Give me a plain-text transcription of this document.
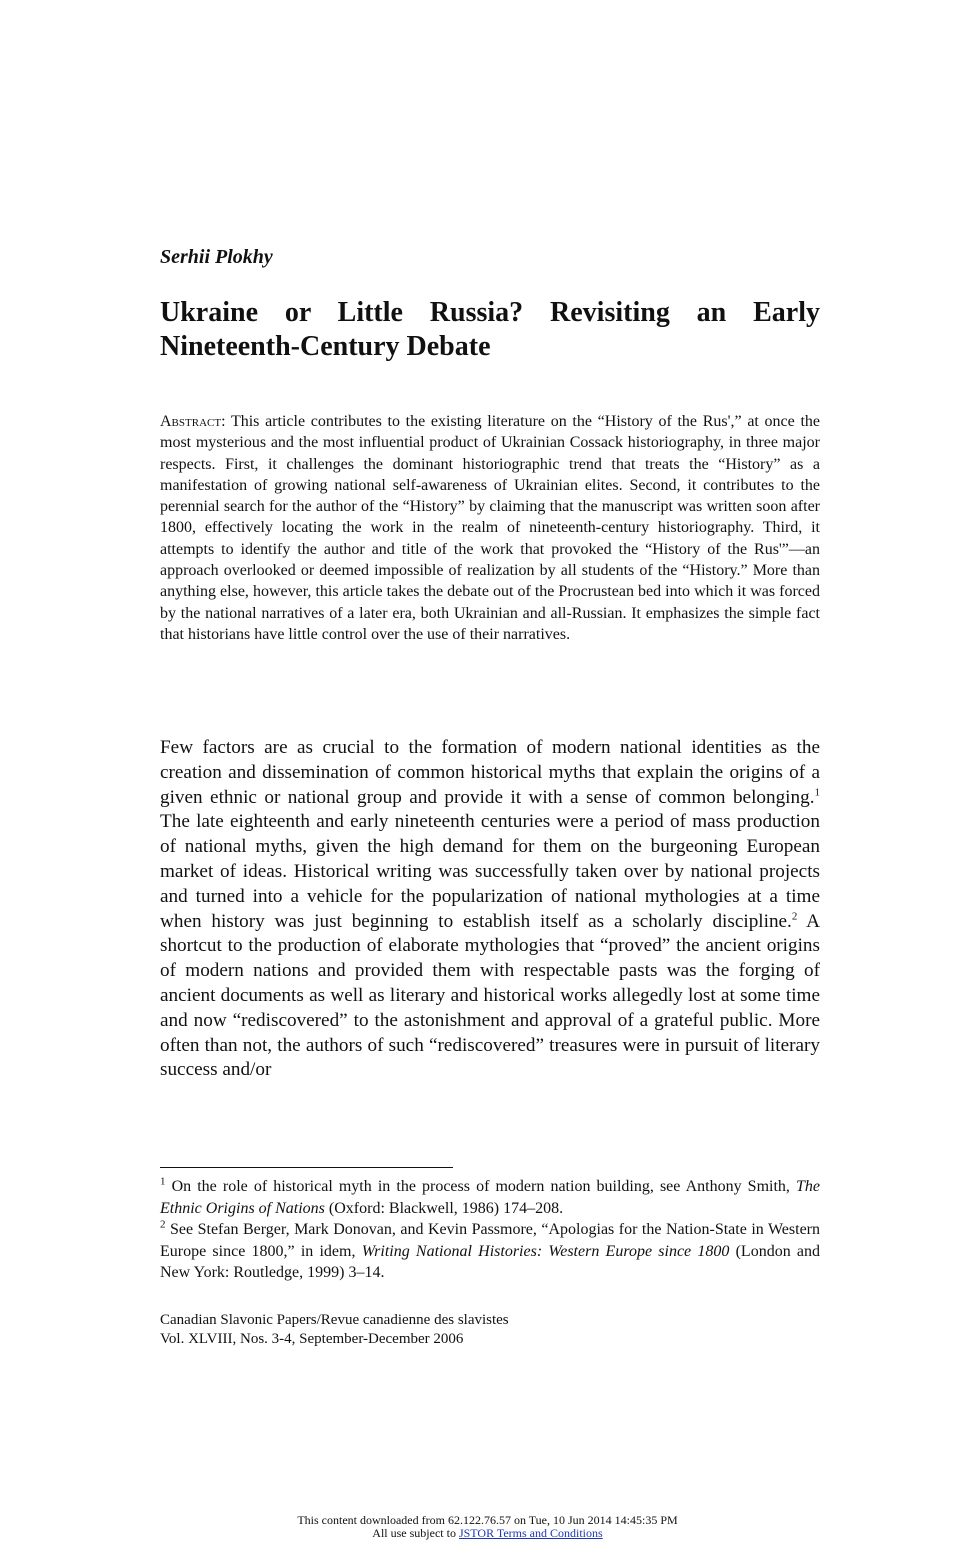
Serhii Plokhy
Ukraine or Little Russia? Revisiting an Early
Nineteenth-Century Debate
Abstract: This article contributes to the existing literature on the “History of the Rus',” at once the most mysterious and the most influential product of Ukrainian Cossack historiography, in three major respects. First, it challenges the dominant historiographic trend that treats the “History” as a manifestation of growing national self-awareness of Ukrainian elites. Second, it contributes to the perennial search for the author of the “History” by claiming that the manuscript was written soon after 1800, effectively locating the work in the realm of nineteenth-century historiography. Third, it attempts to identify the author and title of the work that provoked the “History of the Rus'”—an approach overlooked or deemed impossible of realization by all students of the “History.” More than anything else, however, this article takes the debate out of the Procrustean bed into which it was forced by the national narratives of a later era, both Ukrainian and all-Russian. It emphasizes the simple fact that historians have little control over the use of their narratives.
Few factors are as crucial to the formation of modern national identities as the creation and dissemination of common historical myths that explain the origins of a given ethnic or national group and provide it with a sense of common belonging.$^1$ The late eighteenth and early nineteenth centuries were a period of mass production of national myths, given the high demand for them on the burgeoning European market of ideas. Historical writing was successfully taken over by national projects and turned into a vehicle for the popularization of national mythologies at a time when history was just beginning to establish itself as a scholarly discipline.$^2$ A shortcut to the production of elaborate mythologies that “proved” the ancient origins of modern nations and provided them with respectable pasts was the forging of ancient documents as well as literary and historical works allegedly lost at some time and now “rediscovered” to the astonishment and approval of a grateful public. More often than not, the authors of such “rediscovered” treasures were in pursuit of literary success and/or

$^1$ On the role of historical myth in the process of modern nation building, see Anthony Smith, The Ethnic Origins of Nations (Oxford: Blackwell, 1986) 174–208.

$^2$ See Stefan Berger, Mark Donovan, and Kevin Passmore, “Apologias for the Nation-State in Western Europe since 1800,” in idem, Writing National Histories: Western Europe since 1800 (London and New York: Routledge, 1999) 3–14.

Canadian Slavonic Papers/Revue canadienne des slavistes
Vol. XLVIII, Nos. 3-4, September-December 2006
This content downloaded from 62.122.76.57 on Tue, 10 Jun 2014 14:45:35 PM
All use subject to JSTOR Terms and Conditions
